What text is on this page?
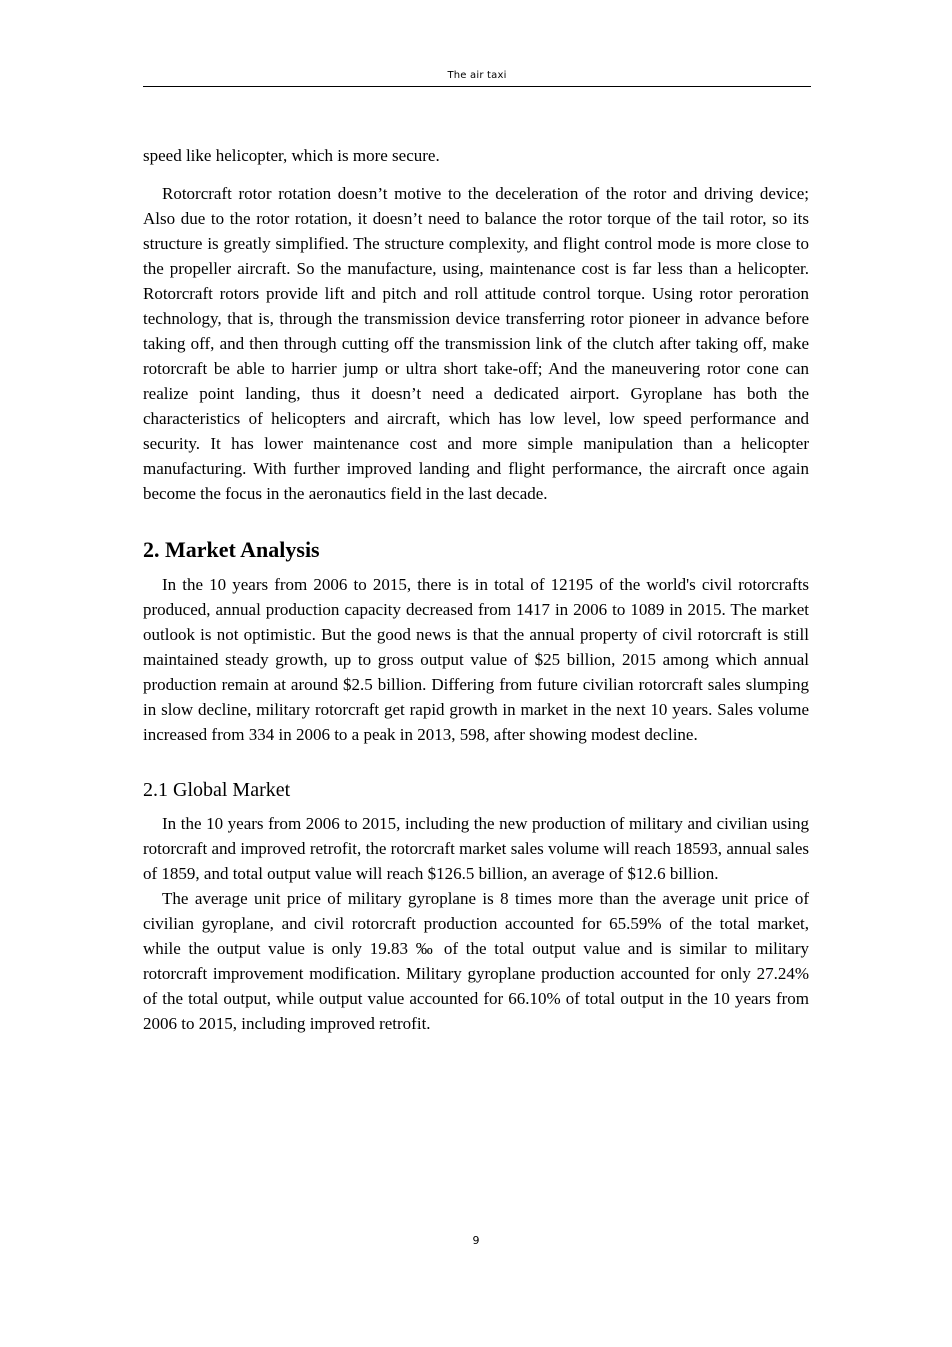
The air taxi

speed like helicopter, which is more secure.

Rotorcraft rotor rotation doesn’t motive to the deceleration of the rotor and driving device; Also due to the rotor rotation, it doesn’t need to balance the rotor torque of the tail rotor, so its structure is greatly simplified. The structure complexity, and flight control mode is more close to the propeller aircraft. So the manufacture, using, maintenance cost is far less than a helicopter. Rotorcraft rotors provide lift and pitch and roll attitude control torque. Using rotor peroration technology, that is, through the transmission device transferring rotor pioneer in advance before taking off, and then through cutting off the transmission link of the clutch after taking off, make rotorcraft be able to harrier jump or ultra short take-off; And the maneuvering rotor cone can realize point landing, thus it doesn’t need a dedicated airport. Gyroplane has both the characteristics of helicopters and aircraft, which has low level, low speed performance and security. It has lower maintenance cost and more simple manipulation than a helicopter manufacturing. With further improved landing and flight performance, the aircraft once again become the focus in the aeronautics field in the last decade.

2. Market Analysis

In the 10 years from 2006 to 2015, there is in total of 12195 of the world's civil rotorcrafts produced, annual production capacity decreased from 1417 in 2006 to 1089 in 2015. The market outlook is not optimistic. But the good news is that the annual property of civil rotorcraft is still maintained steady growth, up to gross output value of $25 billion, 2015 among which annual production remain at around $2.5 billion. Differing from future civilian rotorcraft sales slumping in slow decline, military rotorcraft get rapid growth in market in the next 10 years. Sales volume increased from 334 in 2006 to a peak in 2013, 598, after showing modest decline.

2.1 Global Market

In the 10 years from 2006 to 2015, including the new production of military and civilian using rotorcraft and improved retrofit, the rotorcraft market sales volume will reach 18593, annual sales of 1859, and total output value will reach $126.5 billion, an average of $12.6 billion.

The average unit price of military gyroplane is 8 times more than the average unit price of civilian gyroplane, and civil rotorcraft production accounted for 65.59% of the total market, while the output value is only 19.83 ‰ of the total output value and is similar to military rotorcraft improvement modification. Military gyroplane production accounted for only 27.24% of the total output, while output value accounted for 66.10% of total output in the 10 years from 2006 to 2015, including improved retrofit.

9
